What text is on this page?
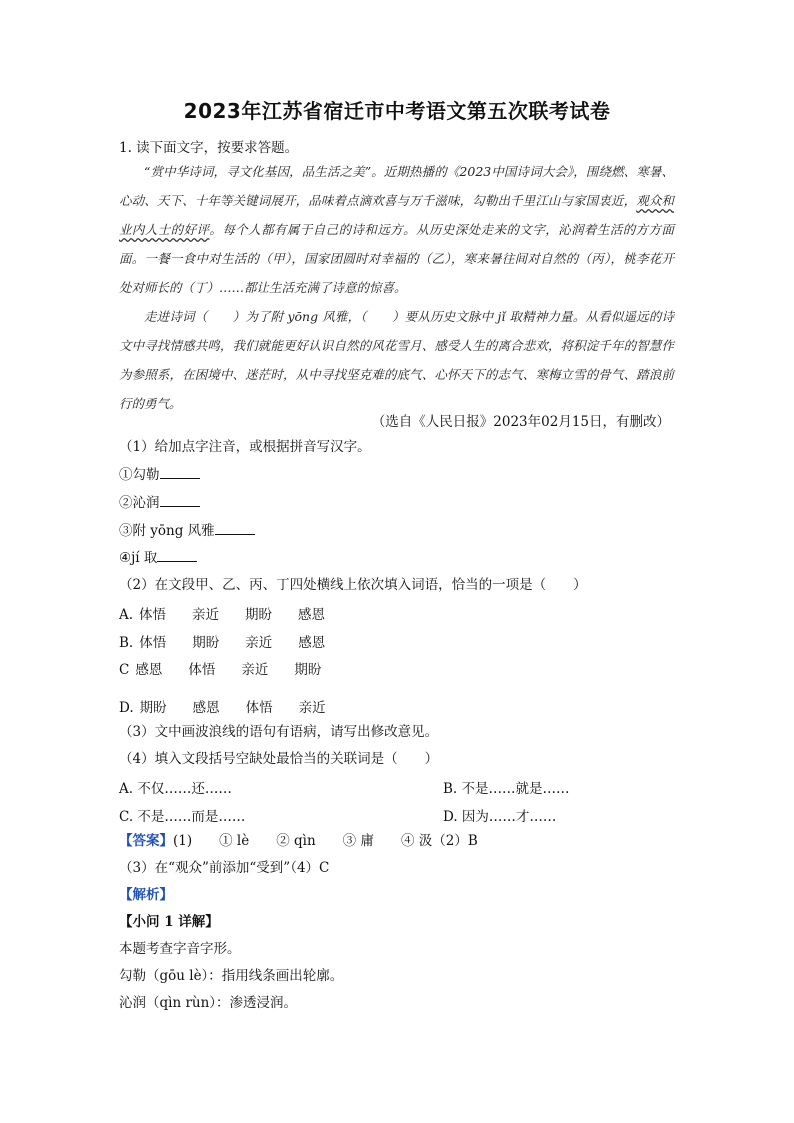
2023年江苏省宿迁市中考语文第五次联考试卷
1. 读下面文字，按要求答题。

“赏中华诗词，寻文化基因，品生活之美”。近期热播的《2023中国诗词大会》，围绕燃、寒暑、心动、天下、十年等关键词展开，品味着点滴欢喜与万千滋味，勾勒出千里江山与家国衷近，观众和业内人士的好评。每个人都有属于自己的诗和远方。从历史深处走来的文字，沁润着生活的方方面面。一餐一食中对生活的（甲），国家团圆时对幸福的（乙），寒来暑往间对自然的（丙），桃李花开处对师长的（丁）……都让生活充满了诗意的惊喜。

走进诗词（　　）为了附 yōng 风雅，（　　）要从历史文脉中 jǐ 取精神力量。从看似遥远的诗文中寻找情感共鸣，我们就能更好认识自然的风花雪月、感受人生的离合悲欢，将积淀千年的智慧作为参照系，在困境中、迷茫时，从中寻找坚克难的底气、心怀天下的志气、寒梅立雪的骨气、踏浪前行的勇气。

（选自《人民日报》2023年02月15日，有删改）
（1）给加点字注音，或根据拼音写汉字。
①勾勒
②沁润
③附 yōng 风雅
④jí 取
（2）在文段甲、乙、丙、丁四处横线上依次填入词语，恰当的一项是（　　）
A. 体悟 亲近 期盼 感恩
B. 体悟 期盼 亲近 感恩
C 感恩 体悟 亲近 期盼
D. 期盼 感恩 体悟 亲近
（3）文中画波浪线的语句有语病，请写出修改意见。
（4）填入文段括号空缺处最恰当的关联词是（　　）
A. 不仅……还……	B. 不是……就是……
C. 不是……而是……	D. 因为……才……
【答案】(1)　　① lè　　② qìn　　③ 庸　　④ 汲（2）B
（3）在“观众”前添加“受到”（4）C
【解析】
【小问 1 详解】
本题考查字音字形。
勾勒（gōu lè）：指用线条画出轮廓。
沁润（qìn rùn）：渗透浸润。
